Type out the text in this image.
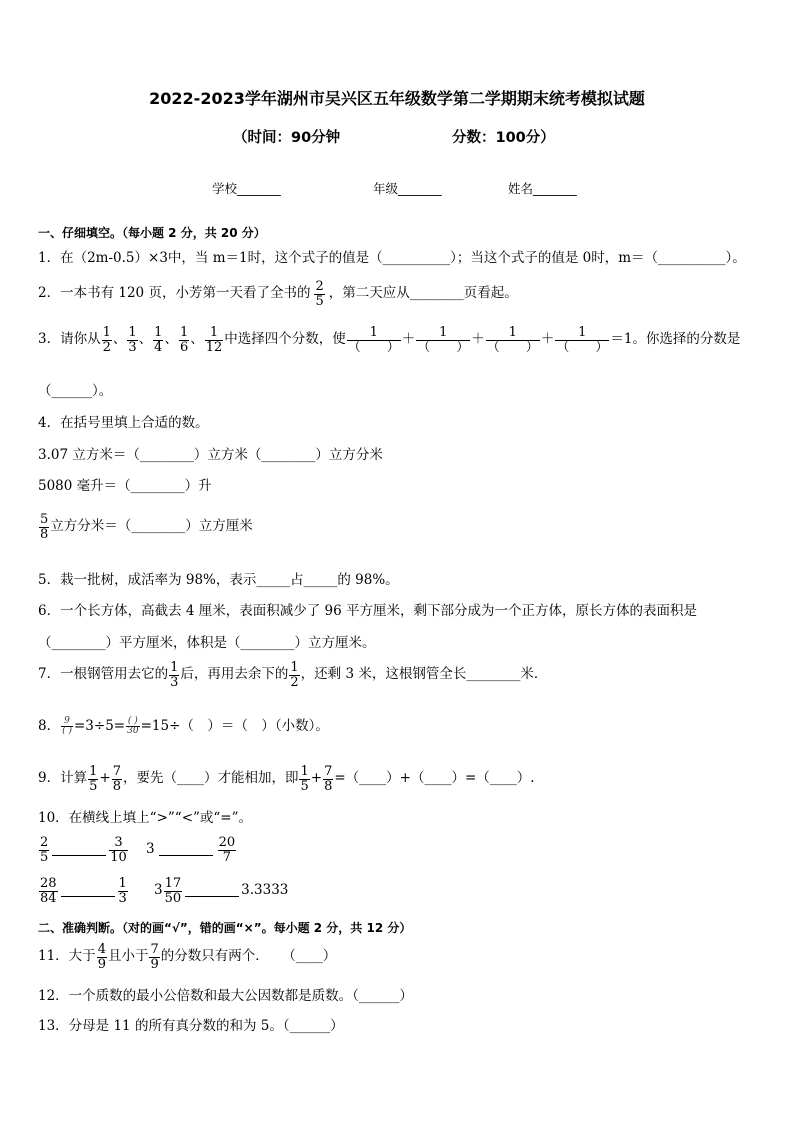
2022-2023学年湖州市吴兴区五年级数学第二学期期末统考模拟试题
（时间：90分钟	分数：100分）
学校_______	年级_______	姓名_______
一、仔细填空。（每小题 2 分，共 20 分）
1．在（2m-0.5）×3中，当 m＝1时，这个式子的值是（__________）；当这个式子的值是 0时，m＝（__________）。
2．一本书有 120 页，小芳第一天看了全书的 $\frac{2}{5}$ ，第二天应从________页看起。
3．请你从 $\frac{1}{2}$ 、 $\frac{1}{3}$ 、 $\frac{1}{4}$ 、 $\frac{1}{6}$ 、 $\frac{1}{12}$ 中选择四个分数，使 $\frac{1}{( )} + \frac{1}{( )} + \frac{1}{( )} + \frac{1}{( )} =1$。你选择的分数是
（______）。
4．在括号里填上合适的数。
3.07 立方米＝（________）立方米（________）立方分米
5080 毫升＝（________）升
$\frac{5}{8}$ 立方分米＝（________）立方厘米
5．栽一批树，成活率为 98%，表示_____占_____的 98%。
6．一个长方体，高截去 4 厘米，表面积减少了 96 平方厘米，剩下部分成为一个正方体，原长方体的表面积是
（________）平方厘米，体积是（________）立方厘米。
7．一根钢管用去它的 $\frac{1}{3}$ 后，再用去余下的 $\frac{1}{2}$ ，还剩 3 米，这根钢管全长________米．
8． $\frac{9}{( )} =3\div 5= \frac{( )}{30} =15\div$（　）＝（　）（小数）。
9．计算 $\frac{1}{5} + \frac{7}{8}$ ，要先（____）才能相加，即 $\frac{1}{5} + \frac{7}{8}$ =（____）+（____）=（____）.
10．在横线上填上“>”“<”或“=”。
$\frac{2}{5}$	$\frac{3}{10} 3$	$\frac{20}{7}$
$\frac{28}{84}$	$\frac{1}{3} 3 \frac{17}{50}$	3.3333
二、准确判断。（对的画“√”，错的画“×”。每小题 2 分，共 12 分）
11．大于 $\frac{4}{9}$ 且小于 $\frac{7}{9}$ 的分数只有两个．　　（____）
12．一个质数的最小公倍数和最大公因数都是质数。（______）
13．分母是 11 的所有真分数的和为 5。（______）
